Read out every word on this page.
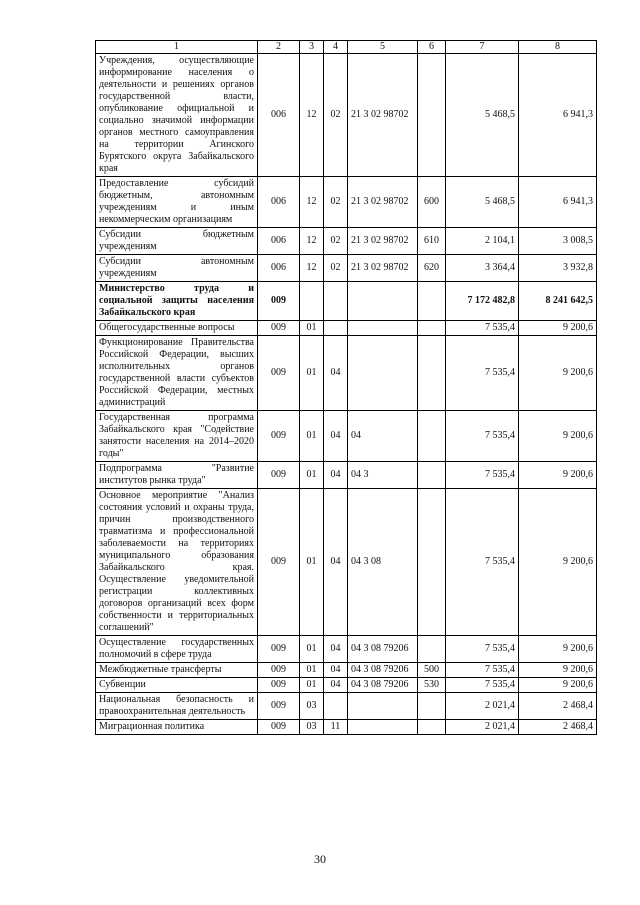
1	2	3	4	5	6	7	8
Учреждения, осуществляющие информирование населения о деятельности и решениях органов государственной власти, опубликование официальной и социально значимой информации органов местного самоуправления на территории Агинского Бурятского округа Забайкальского края	006	12	02	21 3 02 98702		5 468,5	6 941,3
Предоставление субсидий бюджетным, автономным учреждениям и иным некоммерческим организациям	006	12	02	21 3 02 98702	600	5 468,5	6 941,3
Субсидии бюджетным учреждениям	006	12	02	21 3 02 98702	610	2 104,1	3 008,5
Субсидии автономным учреждениям	006	12	02	21 3 02 98702	620	3 364,4	3 932,8
Министерство труда и социальной защиты населения Забайкальского края	009					7 172 482,8	8 241 642,5
Общегосударственные вопросы	009	01				7 535,4	9 200,6
Функционирование Правительства Российской Федерации, высших исполнительных органов государственной власти субъектов Российской Федерации, местных администраций	009	01	04			7 535,4	9 200,6
Государственная программа Забайкальского края "Содействие занятости населения на 2014–2020 годы"	009	01	04	04		7 535,4	9 200,6
Подпрограмма "Развитие институтов рынка труда"	009	01	04	04 3		7 535,4	9 200,6
Основное мероприятие "Анализ состояния условий и охраны труда, причин производственного травматизма и профессиональной заболеваемости на территориях муниципального образования Забайкальского края. Осуществление уведомительной регистрации коллективных договоров организаций всех форм собственности и территориальных соглашений"	009	01	04	04 3 08		7 535,4	9 200,6
Осуществление государственных полномочий в сфере труда	009	01	04	04 3 08 79206		7 535,4	9 200,6
Межбюджетные трансферты	009	01	04	04 3 08 79206	500	7 535,4	9 200,6
Субвенции	009	01	04	04 3 08 79206	530	7 535,4	9 200,6
Национальная безопасность и правоохранительная деятельность	009	03				2 021,4	2 468,4
Миграционная политика	009	03	11			2 021,4	2 468,4
30
